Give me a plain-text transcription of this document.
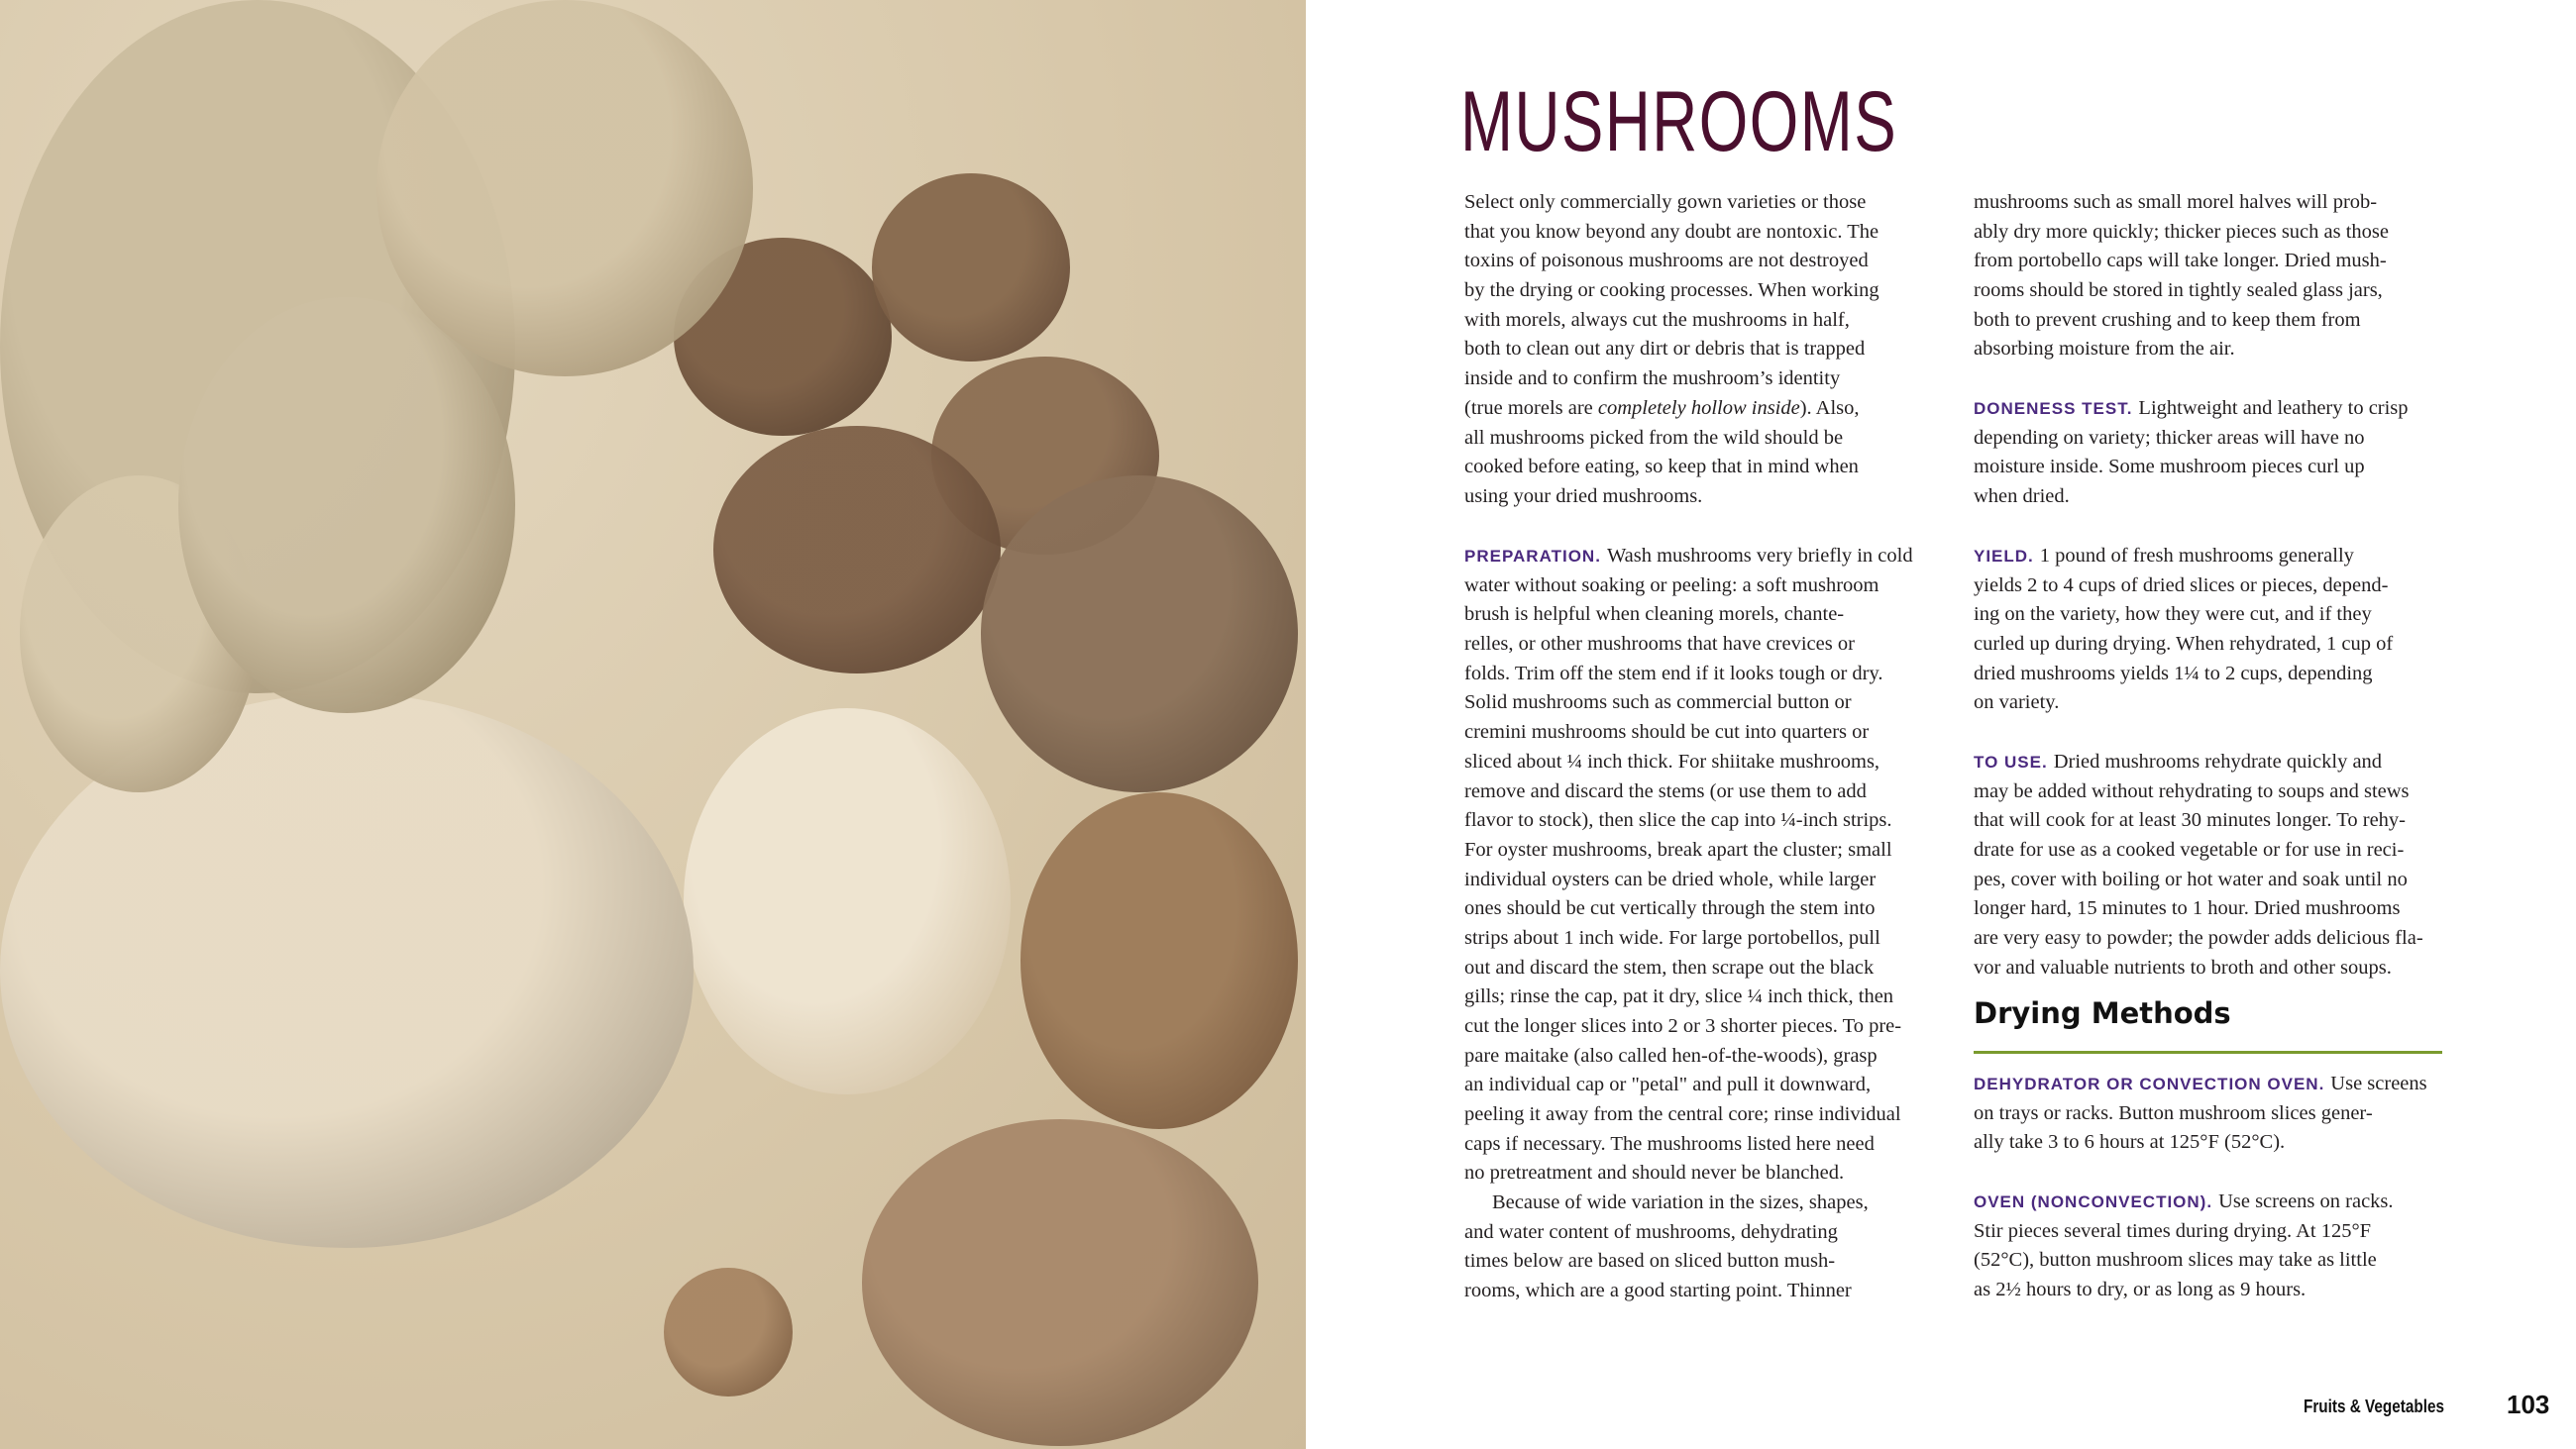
MUSHROOMS
Select only commercially gown varieties or those
that you know beyond any doubt are nontoxic. The
toxins of poisonous mushrooms are not destroyed
by the drying or cooking processes. When working
with morels, always cut the mushrooms in half,
both to clean out any dirt or debris that is trapped
inside and to confirm the mushroom’s identity
(true morels are completely hollow inside). Also,
all mushrooms picked from the wild should be
cooked before eating, so keep that in mind when
using your dried mushrooms.
PREPARATION. Wash mushrooms very briefly in cold
water without soaking or peeling: a soft mushroom
brush is helpful when cleaning morels, chante-
relles, or other mushrooms that have crevices or
folds. Trim off the stem end if it looks tough or dry.
Solid mushrooms such as commercial button or
cremini mushrooms should be cut into quarters or
sliced about ¼ inch thick. For shiitake mushrooms,
remove and discard the stems (or use them to add
flavor to stock), then slice the cap into ¼-inch strips.
For oyster mushrooms, break apart the cluster; small
individual oysters can be dried whole, while larger
ones should be cut vertically through the stem into
strips about 1 inch wide. For large portobellos, pull
out and discard the stem, then scrape out the black
gills; rinse the cap, pat it dry, slice ¼ inch thick, then
cut the longer slices into 2 or 3 shorter pieces. To pre-
pare maitake (also called hen-of-the-woods), grasp
an individual cap or "petal" and pull it downward,
peeling it away from the central core; rinse individual
caps if necessary. The mushrooms listed here need
no pretreatment and should never be blanched.
Because of wide variation in the sizes, shapes,
and water content of mushrooms, dehydrating
times below are based on sliced button mush-
rooms, which are a good starting point. Thinner
mushrooms such as small morel halves will prob-
ably dry more quickly; thicker pieces such as those
from portobello caps will take longer. Dried mush-
rooms should be stored in tightly sealed glass jars,
both to prevent crushing and to keep them from
absorbing moisture from the air.
DONENESS TEST. Lightweight and leathery to crisp
depending on variety; thicker areas will have no
moisture inside. Some mushroom pieces curl up
when dried.
YIELD. 1 pound of fresh mushrooms generally
yields 2 to 4 cups of dried slices or pieces, depend-
ing on the variety, how they were cut, and if they
curled up during drying. When rehydrated, 1 cup of
dried mushrooms yields 1¼ to 2 cups, depending
on variety.
TO USE. Dried mushrooms rehydrate quickly and
may be added without rehydrating to soups and stews
that will cook for at least 30 minutes longer. To rehy-
drate for use as a cooked vegetable or for use in reci-
pes, cover with boiling or hot water and soak until no
longer hard, 15 minutes to 1 hour. Dried mushrooms
are very easy to powder; the powder adds delicious fla-
vor and valuable nutrients to broth and other soups.
Drying Methods
DEHYDRATOR OR CONVECTION OVEN. Use screens
on trays or racks. Button mushroom slices gener-
ally take 3 to 6 hours at 125°F (52°C).
OVEN (NONCONVECTION). Use screens on racks.
Stir pieces several times during drying. At 125°F
(52°C), button mushroom slices may take as little
as 2½ hours to dry, or as long as 9 hours.
Fruits & Vegetables 103
